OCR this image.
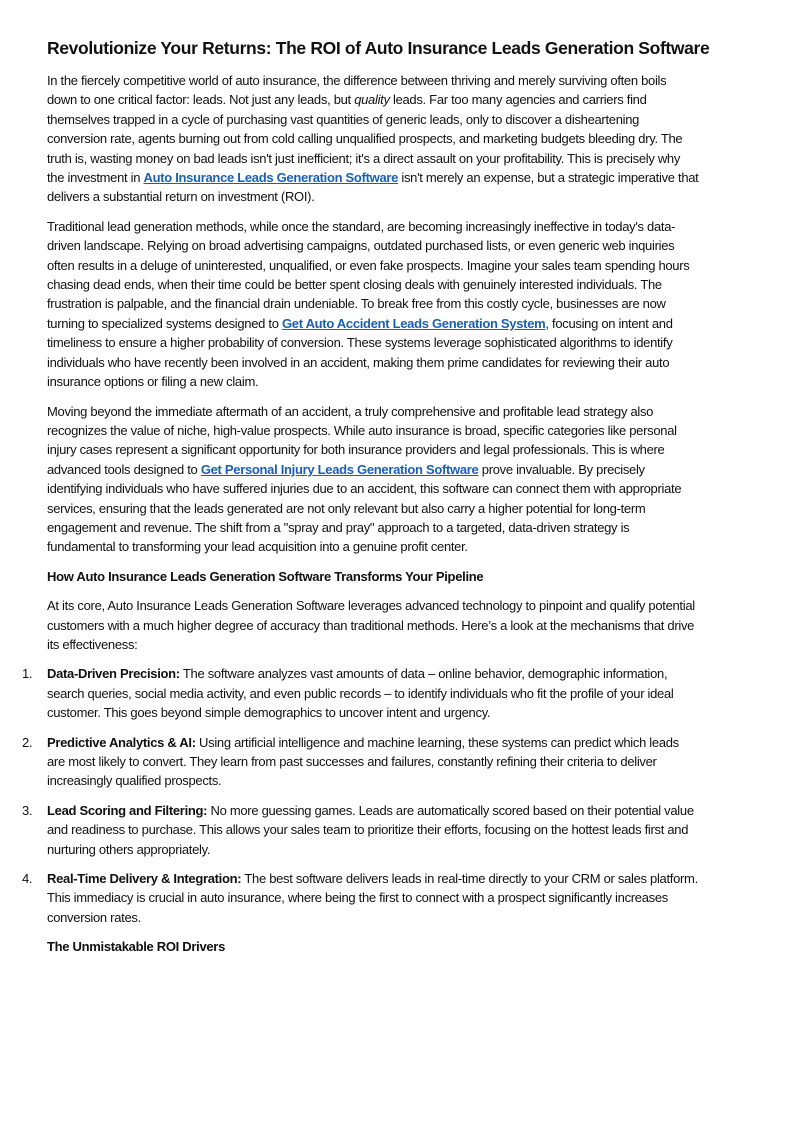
Revolutionize Your Returns: The ROI of Auto Insurance Leads Generation Software

In the fiercely competitive world of auto insurance, the difference between thriving and merely surviving often boils down to one critical factor: leads. Not just any leads, but quality leads. Far too many agencies and carriers find themselves trapped in a cycle of purchasing vast quantities of generic leads, only to discover a disheartening conversion rate, agents burning out from cold calling unqualified prospects, and marketing budgets bleeding dry. The truth is, wasting money on bad leads isn't just inefficient; it's a direct assault on your profitability. This is precisely why the investment in Auto Insurance Leads Generation Software isn't merely an expense, but a strategic imperative that delivers a substantial return on investment (ROI).

Traditional lead generation methods, while once the standard, are becoming increasingly ineffective in today's data-driven landscape. Relying on broad advertising campaigns, outdated purchased lists, or even generic web inquiries often results in a deluge of uninterested, unqualified, or even fake prospects. Imagine your sales team spending hours chasing dead ends, when their time could be better spent closing deals with genuinely interested individuals. The frustration is palpable, and the financial drain undeniable. To break free from this costly cycle, businesses are now turning to specialized systems designed to Get Auto Accident Leads Generation System, focusing on intent and timeliness to ensure a higher probability of conversion. These systems leverage sophisticated algorithms to identify individuals who have recently been involved in an accident, making them prime candidates for reviewing their auto insurance options or filing a new claim.

Moving beyond the immediate aftermath of an accident, a truly comprehensive and profitable lead strategy also recognizes the value of niche, high-value prospects. While auto insurance is broad, specific categories like personal injury cases represent a significant opportunity for both insurance providers and legal professionals. This is where advanced tools designed to Get Personal Injury Leads Generation Software prove invaluable. By precisely identifying individuals who have suffered injuries due to an accident, this software can connect them with appropriate services, ensuring that the leads generated are not only relevant but also carry a higher potential for long-term engagement and revenue. The shift from a "spray and pray" approach to a targeted, data-driven strategy is fundamental to transforming your lead acquisition into a genuine profit center.

How Auto Insurance Leads Generation Software Transforms Your Pipeline

At its core, Auto Insurance Leads Generation Software leverages advanced technology to pinpoint and qualify potential customers with a much higher degree of accuracy than traditional methods. Here’s a look at the mechanisms that drive its effectiveness:

1. Data-Driven Precision: The software analyzes vast amounts of data – online behavior, demographic information, search queries, social media activity, and even public records – to identify individuals who fit the profile of your ideal customer. This goes beyond simple demographics to uncover intent and urgency.
2. Predictive Analytics & AI: Using artificial intelligence and machine learning, these systems can predict which leads are most likely to convert. They learn from past successes and failures, constantly refining their criteria to deliver increasingly qualified prospects.
3. Lead Scoring and Filtering: No more guessing games. Leads are automatically scored based on their potential value and readiness to purchase. This allows your sales team to prioritize their efforts, focusing on the hottest leads first and nurturing others appropriately.
4. Real-Time Delivery & Integration: The best software delivers leads in real-time directly to your CRM or sales platform. This immediacy is crucial in auto insurance, where being the first to connect with a prospect significantly increases conversion rates.
The Unmistakable ROI Drivers
